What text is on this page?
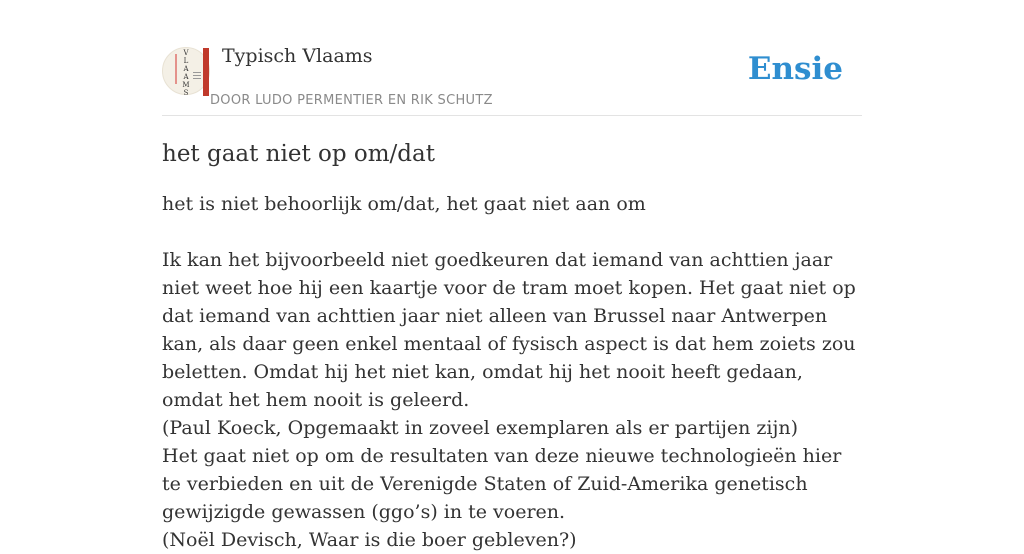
V
L
A
A
M
S
Typisch Vlaams
DOOR LUDO PERMENTIER EN RIK SCHUTZ
Ensie
het gaat niet op om/dat
het is niet behoorlijk om/dat, het gaat niet aan om

Ik kan het bijvoorbeeld niet goedkeuren dat iemand van achttien jaar niet weet hoe hij een kaartje voor de tram moet kopen. Het gaat niet op dat iemand van achttien jaar niet alleen van Brussel naar Antwerpen kan, als daar geen enkel mentaal of fysisch aspect is dat hem zoiets zou beletten. Omdat hij het niet kan, omdat hij het nooit heeft gedaan, omdat het hem nooit is geleerd.

(Paul Koeck, Opgemaakt in zoveel exemplaren als er partijen zijn)

Het gaat niet op om de resultaten van deze nieuwe technologieën hier te verbieden en uit de Verenigde Staten of Zuid-Amerika genetisch gewijzigde gewassen (ggo’s) in te voeren.

(Noël Devisch, Waar is die boer gebleven?)
